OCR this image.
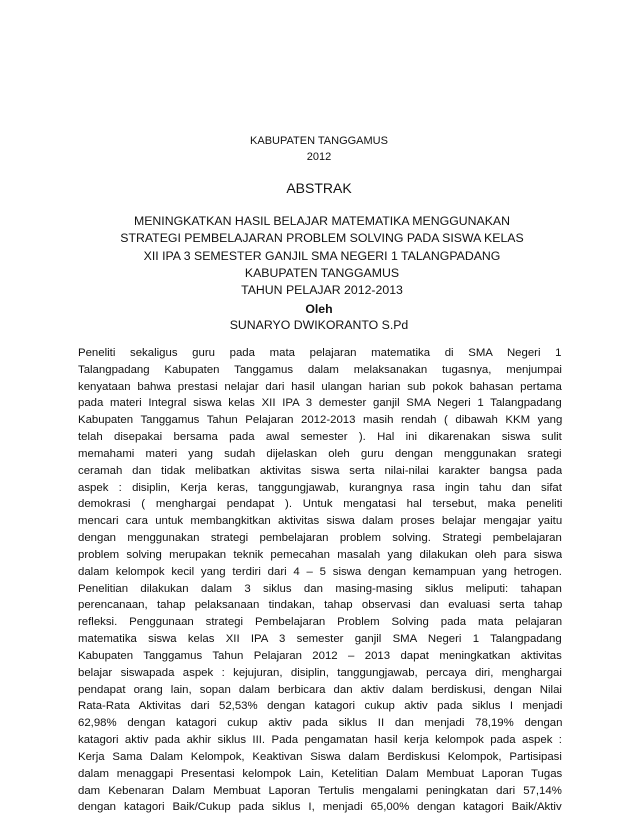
KABUPATEN TANGGAMUS
2012
ABSTRAK
MENINGKATKAN HASIL BELAJAR MATEMATIKA MENGGUNAKAN
STRATEGI PEMBELAJARAN PROBLEM SOLVING PADA SISWA KELAS
XII IPA 3 SEMESTER GANJIL SMA NEGERI 1 TALANGPADANG
KABUPATEN TANGGAMUS
TAHUN PELAJAR 2012-2013
Oleh
SUNARYO DWIKORANTO S.Pd
Peneliti sekaligus guru pada mata pelajaran matematika di SMA Negeri 1
Talangpadang Kabupaten Tanggamus dalam melaksanakan tugasnya, menjumpai
kenyataan bahwa prestasi nelajar dari hasil ulangan harian sub pokok bahasan pertama
pada materi Integral siswa kelas XII IPA 3 demester ganjil SMA Negeri 1 Talangpadang
Kabupaten Tanggamus Tahun Pelajaran 2012-2013 masih rendah ( dibawah KKM yang
telah disepakai bersama pada awal semester ). Hal ini dikarenakan siswa sulit
memahami materi yang sudah dijelaskan oleh guru dengan menggunakan srategi
ceramah dan tidak melibatkan aktivitas siswa serta nilai-nilai karakter bangsa pada
aspek : disiplin, Kerja keras, tanggungjawab, kurangnya rasa ingin tahu dan sifat
demokrasi ( menghargai pendapat ). Untuk mengatasi hal tersebut, maka peneliti
mencari cara untuk membangkitkan aktivitas siswa dalam proses belajar mengajar yaitu
dengan menggunakan strategi pembelajaran problem solving. Strategi pembelajaran
problem solving merupakan teknik pemecahan masalah yang dilakukan oleh para siswa
dalam kelompok kecil yang terdiri dari 4 – 5 siswa dengan kemampuan yang hetrogen.
Penelitian dilakukan dalam 3 siklus dan masing-masing siklus meliputi: tahapan
perencanaan, tahap pelaksanaan tindakan, tahap observasi dan evaluasi serta tahap
refleksi. Penggunaan strategi Pembelajaran Problem Solving pada mata pelajaran
matematika siswa kelas XII IPA 3 semester ganjil SMA Negeri 1 Talangpadang
Kabupaten Tanggamus Tahun Pelajaran 2012 – 2013 dapat meningkatkan aktivitas
belajar siswapada aspek : kejujuran, disiplin, tanggungjawab, percaya diri, menghargai
pendapat orang lain, sopan dalam berbicara dan aktiv dalam berdiskusi, dengan Nilai
Rata-Rata Aktivitas dari 52,53% dengan katagori cukup aktiv pada siklus I menjadi
62,98% dengan katagori cukup aktiv pada siklus II dan menjadi 78,19% dengan
katagori aktiv pada akhir siklus III. Pada pengamatan hasil kerja kelompok pada aspek :
Kerja Sama Dalam Kelompok, Keaktivan Siswa dalam Berdiskusi Kelompok, Partisipasi
dalam menaggapi Presentasi kelompok Lain, Ketelitian Dalam Membuat Laporan Tugas
dam Kebenaran Dalam Membuat Laporan Tertulis mengalami peningkatan dari 57,14%
dengan katagori Baik/Cukup pada siklus I, menjadi 65,00% dengan katagori Baik/Aktiv
